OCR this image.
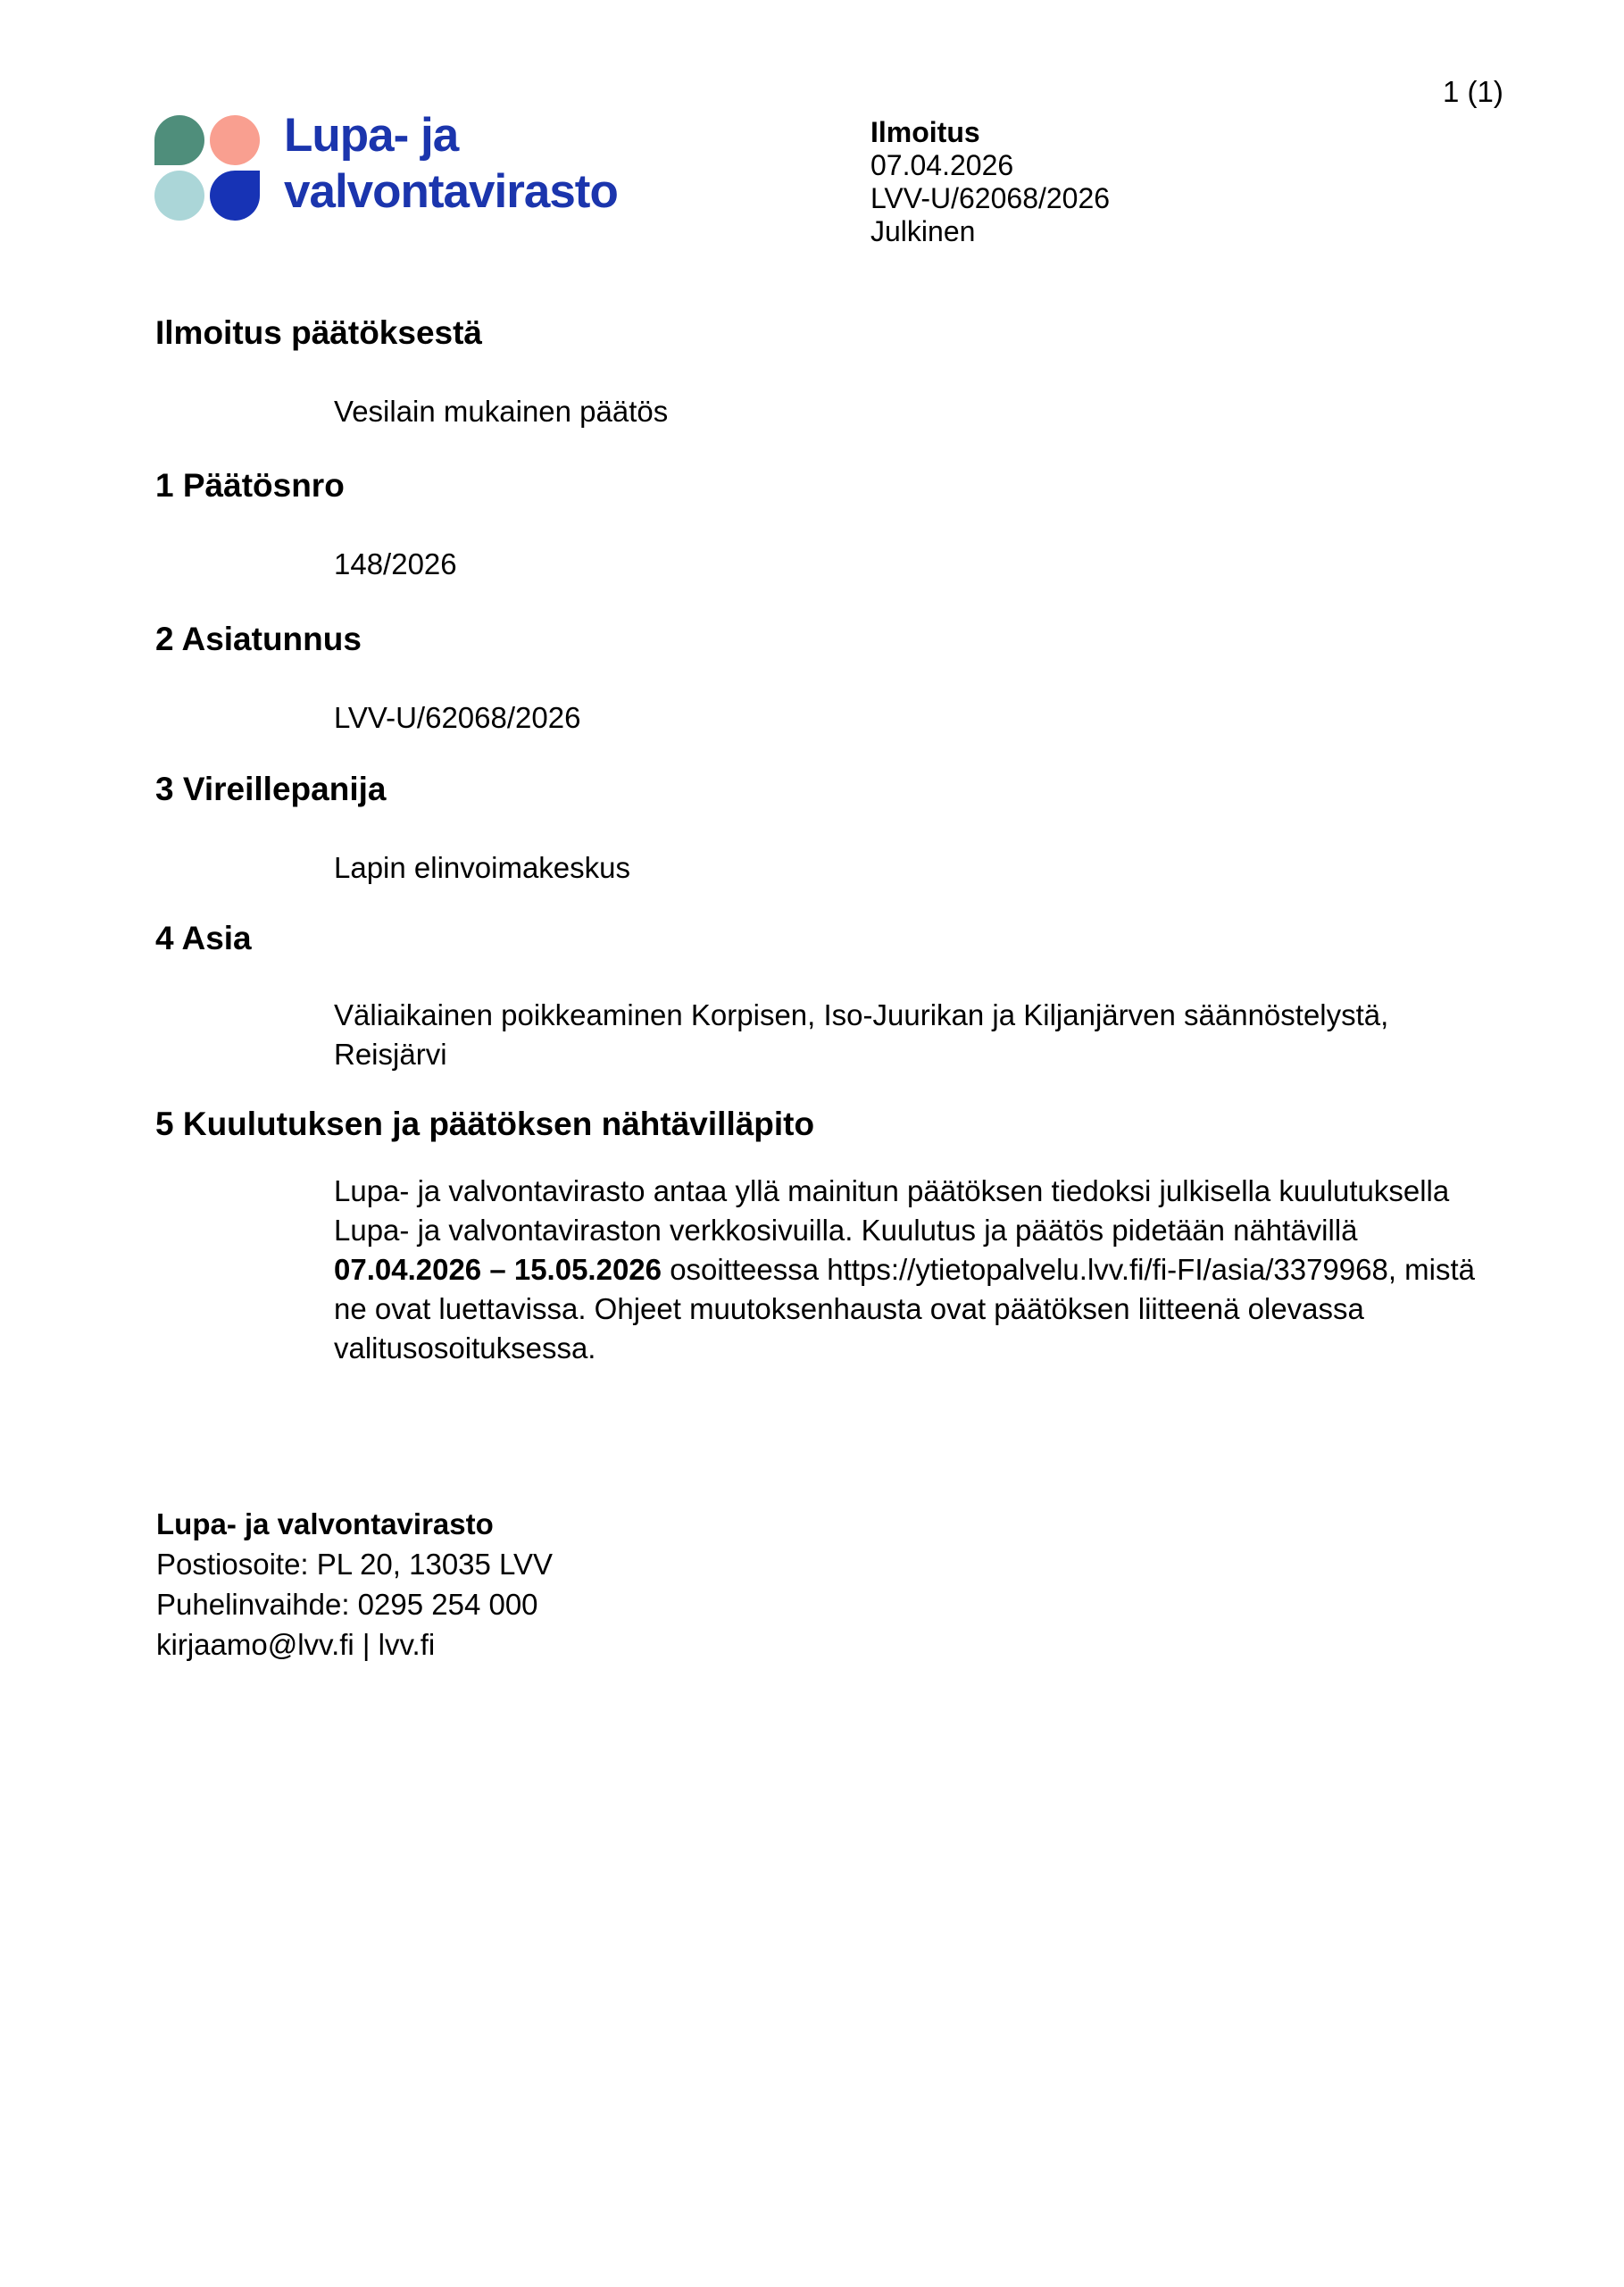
1 (1)
Lupa- ja
valvontavirasto
Ilmoitus
07.04.2026
LVV-U/62068/2026
Julkinen
Ilmoitus päätöksestä
Vesilain mukainen päätös
1 Päätösnro
148/2026
2 Asiatunnus
LVV-U/62068/2026
3 Vireillepanija
Lapin elinvoimakeskus
4 Asia
Väliaikainen poikkeaminen Korpisen, Iso-Juurikan ja Kiljanjärven säännöstelystä,
Reisjärvi
5 Kuulutuksen ja päätöksen nähtävilläpito
Lupa- ja valvontavirasto antaa yllä mainitun päätöksen tiedoksi julkisella kuulutuksella
Lupa- ja valvontaviraston verkkosivuilla. Kuulutus ja päätös pidetään nähtävillä
07.04.2026 – 15.05.2026 osoitteessa https://ytietopalvelu.lvv.fi/fi-FI/asia/3379968, mistä
ne ovat luettavissa. Ohjeet muutoksenhausta ovat päätöksen liitteenä olevassa
valitusosoituksessa.
Lupa- ja valvontavirasto
Postiosoite: PL 20, 13035 LVV
Puhelinvaihde: 0295 254 000
kirjaamo@lvv.fi | lvv.fi
